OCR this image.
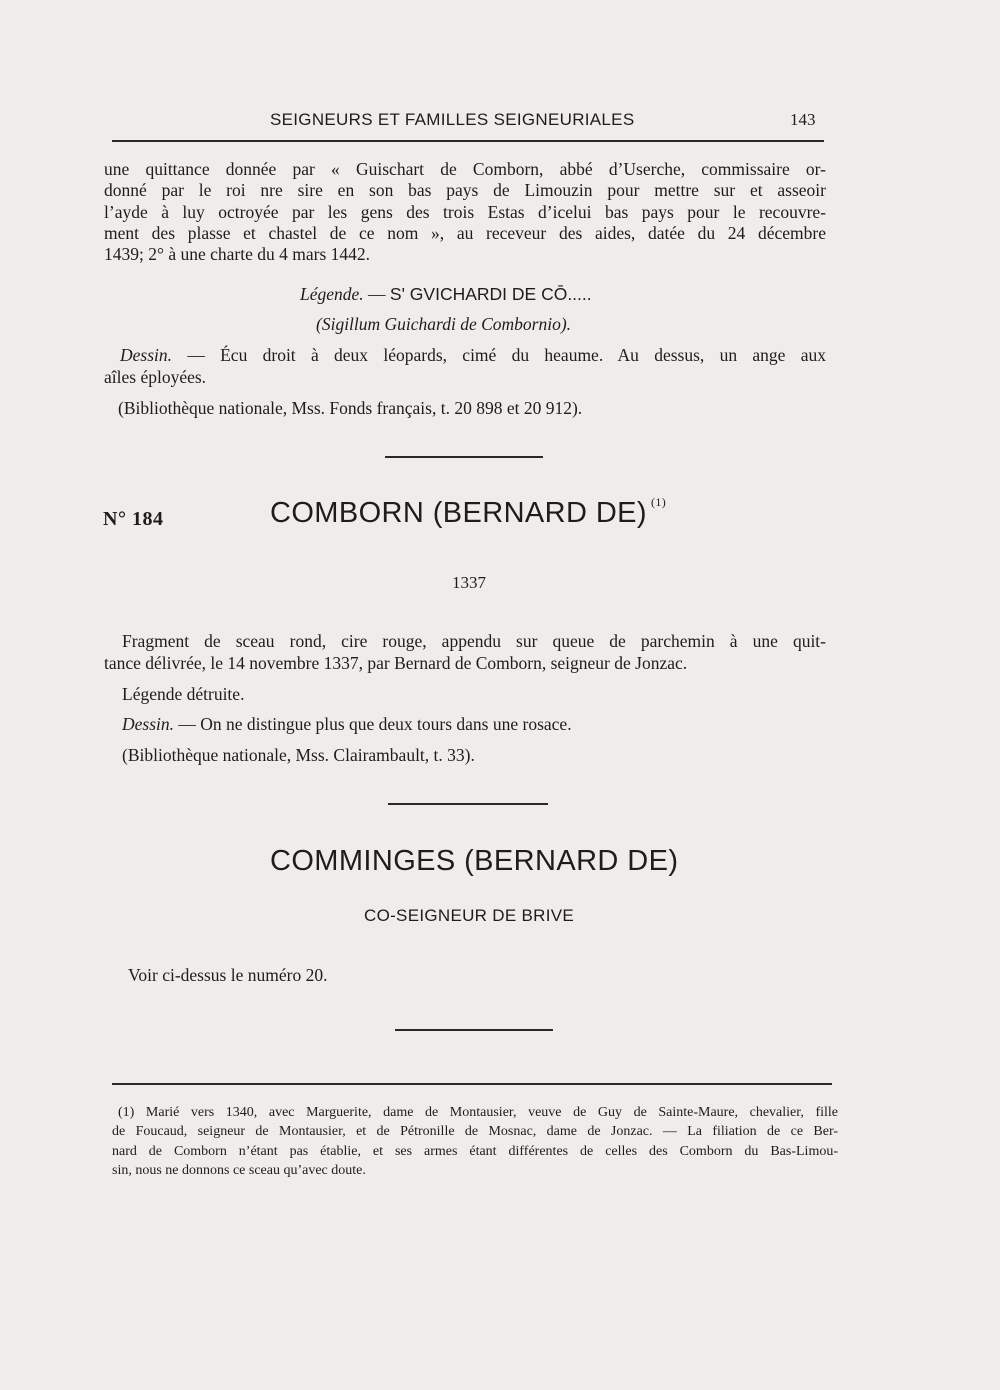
SEIGNEURS ET FAMILLES SEIGNEURIALES	143
une quittance donnée par « Guischart de Comborn, abbé d’Userche, commissaire or-
donné par le roi nre sire en son bas pays de Limouzin pour mettre sur et asseoir
l’ayde à luy octroyée par les gens des trois Estas d’icelui bas pays pour le recouvre-
ment des plasse et chastel de ce nom », au receveur des aides, datée du 24 décembre
1439; 2° à une charte du 4 mars 1442.
Légende. — S' GVICHARDI DE CŌ.....
(Sigillum Guichardi de Combornio).
Dessin. — Écu droit à deux léopards, cimé du heaume. Au dessus, un ange aux
aîles éployées.
(Bibliothèque nationale, Mss. Fonds français, t. 20 898 et 20 912).
N° 184	COMBORN (BERNARD DE) $^{(1)}$
1337
Fragment de sceau rond, cire rouge, appendu sur queue de parchemin à une quit-
tance délivrée, le 14 novembre 1337, par Bernard de Comborn, seigneur de Jonzac.
Légende détruite.
Dessin. — On ne distingue plus que deux tours dans une rosace.
(Bibliothèque nationale, Mss. Clairambault, t. 33).
COMMINGES (BERNARD DE)
CO-SEIGNEUR DE BRIVE
Voir ci-dessus le numéro 20.
(1) Marié vers 1340, avec Marguerite, dame de Montausier, veuve de Guy de Sainte-Maure, chevalier, fille
de Foucaud, seigneur de Montausier, et de Pétronille de Mosnac, dame de Jonzac. — La filiation de ce Ber-
nard de Comborn n’étant pas établie, et ses armes étant différentes de celles des Comborn du Bas-Limou-
sin, nous ne donnons ce sceau qu’avec doute.
